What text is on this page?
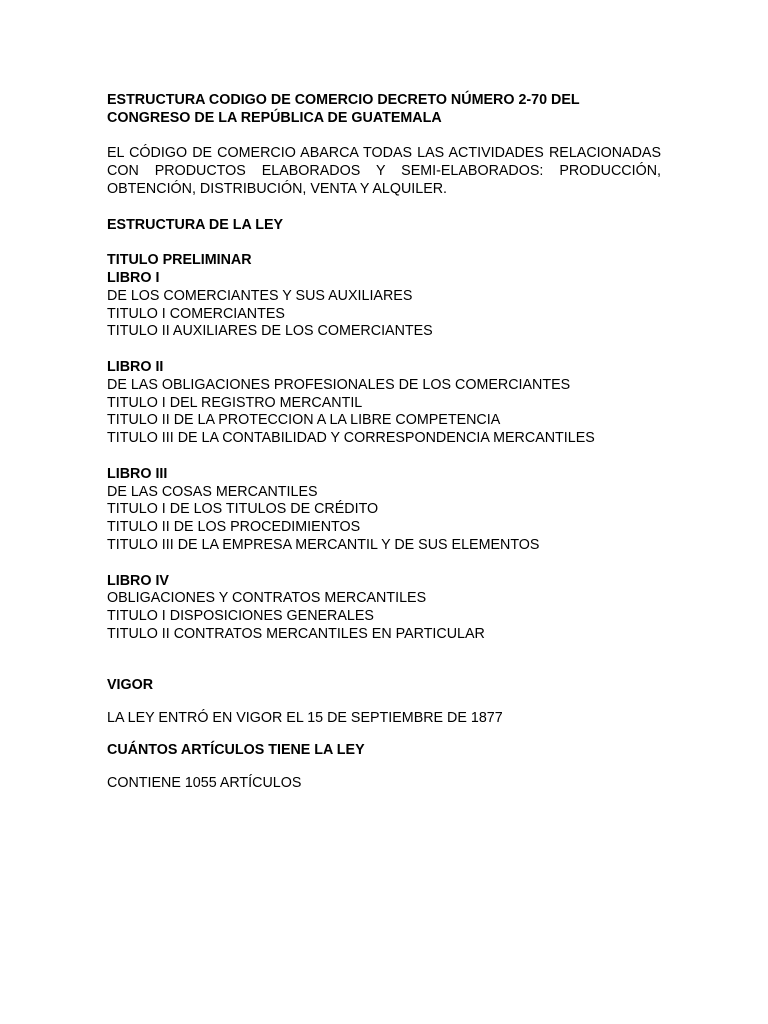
ESTRUCTURA CODIGO DE COMERCIO DECRETO NÚMERO 2-70 DEL
CONGRESO DE LA REPÚBLICA DE GUATEMALA

EL CÓDIGO DE COMERCIO ABARCA TODAS LAS ACTIVIDADES RELACIONADAS CON PRODUCTOS ELABORADOS Y SEMI-ELABORADOS: PRODUCCIÓN, OBTENCIÓN, DISTRIBUCIÓN, VENTA Y ALQUILER.

ESTRUCTURA DE LA LEY
TITULO PRELIMINAR
LIBRO I
DE LOS COMERCIANTES Y SUS AUXILIARES
TITULO I COMERCIANTES
TITULO II AUXILIARES DE LOS COMERCIANTES
LIBRO II
DE LAS OBLIGACIONES PROFESIONALES DE LOS COMERCIANTES
TITULO I DEL REGISTRO MERCANTIL
TITULO II DE LA PROTECCION A LA LIBRE COMPETENCIA
TITULO III DE LA CONTABILIDAD Y CORRESPONDENCIA MERCANTILES
LIBRO III
DE LAS COSAS MERCANTILES
TITULO I DE LOS TITULOS DE CRÉDITO
TITULO II DE LOS PROCEDIMIENTOS
TITULO III DE LA EMPRESA MERCANTIL Y DE SUS ELEMENTOS
LIBRO IV
OBLIGACIONES Y CONTRATOS MERCANTILES
TITULO I DISPOSICIONES GENERALES
TITULO II CONTRATOS MERCANTILES EN PARTICULAR
VIGOR
LA LEY ENTRÓ EN VIGOR EL 15 DE SEPTIEMBRE DE 1877
CUÁNTOS ARTÍCULOS TIENE LA LEY
CONTIENE 1055 ARTÍCULOS
